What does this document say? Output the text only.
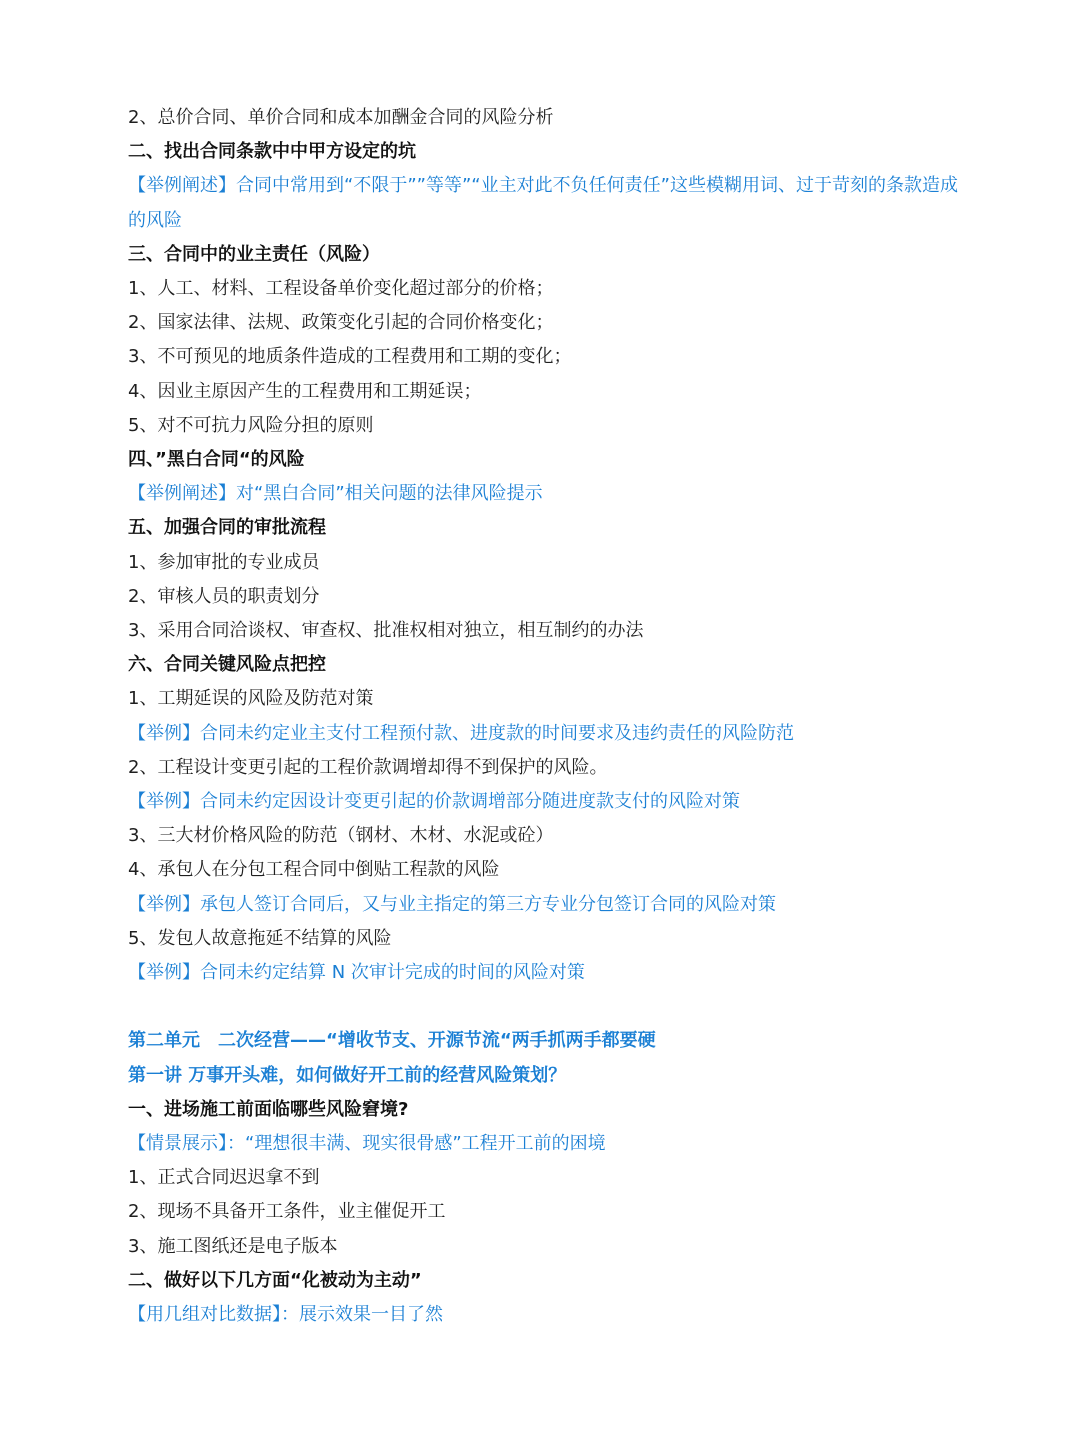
2、总价合同、单价合同和成本加酬金合同的风险分析
二、找出合同条款中中甲方设定的坑
【举例阐述】合同中常用到“不限于””等等”“业主对此不负任何责任”这些模糊用词、过于苛刻的条款造成的风险
三、合同中的业主责任（风险）
1、人工、材料、工程设备单价变化超过部分的价格；
2、国家法律、法规、政策变化引起的合同价格变化；
3、不可预见的地质条件造成的工程费用和工期的变化；
4、因业主原因产生的工程费用和工期延误；
5、对不可抗力风险分担的原则
四、”黑白合同“的风险
【举例阐述】对“黑白合同”相关问题的法律风险提示
五、加强合同的审批流程
1、参加审批的专业成员
2、审核人员的职责划分
3、采用合同洽谈权、审查权、批准权相对独立，相互制约的办法
六、合同关键风险点把控
1、工期延误的风险及防范对策
【举例】合同未约定业主支付工程预付款、进度款的时间要求及违约责任的风险防范
2、工程设计变更引起的工程价款调增却得不到保护的风险。
【举例】合同未约定因设计变更引起的价款调增部分随进度款支付的风险对策
3、三大材价格风险的防范（钢材、木材、水泥或砼）
4、承包人在分包工程合同中倒贴工程款的风险
【举例】承包人签订合同后，又与业主指定的第三方专业分包签订合同的风险对策
5、发包人故意拖延不结算的风险
【举例】合同未约定结算 N 次审计完成的时间的风险对策
第二单元　二次经营——“增收节支、开源节流“两手抓两手都要硬
第一讲 万事开头难，如何做好开工前的经营风险策划？
一、进场施工前面临哪些风险窘境?
【情景展示】：“理想很丰满、现实很骨感”工程开工前的困境
1、正式合同迟迟拿不到
2、现场不具备开工条件，业主催促开工
3、施工图纸还是电子版本
二、做好以下几方面“化被动为主动”
【用几组对比数据】：展示效果一目了然
